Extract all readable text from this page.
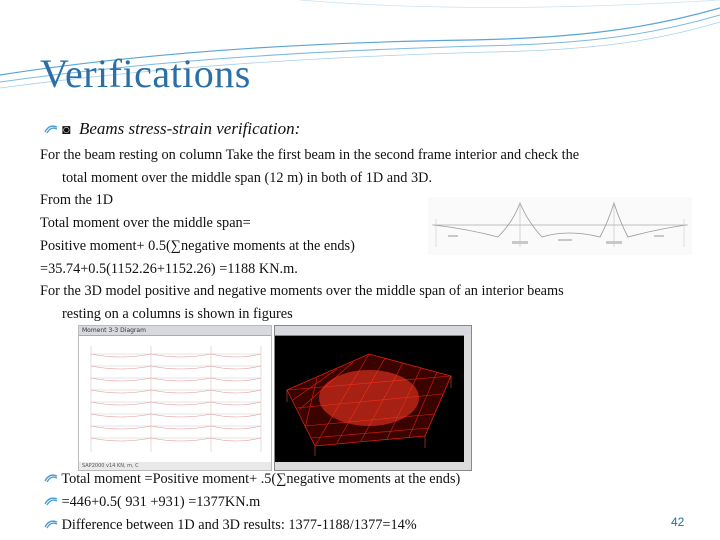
Verifications
◙ Beams stress-strain verification:

For the beam resting on column Take the first beam in the second frame interior and check the

total moment over the middle span (12 m) in both of 1D and 3D.

From the 1D

Total moment over the middle span=

Positive moment+ 0.5(∑negative moments at the ends)

=35.74+0.5(1152.26+1152.26) =1188 KN.m.

For the 3D model positive and negative moments over the middle span of an interior beams

resting on a columns is shown in figures

Moment 3-3 Diagram
SAP2000 v14 KN, m, C
Total moment =Positive moment+ .5(∑negative moments at the ends)
=446+0.5( 931 +931) =1377KN.m
Difference between 1D and 3D results: 1377-1188/1377=14%	42
